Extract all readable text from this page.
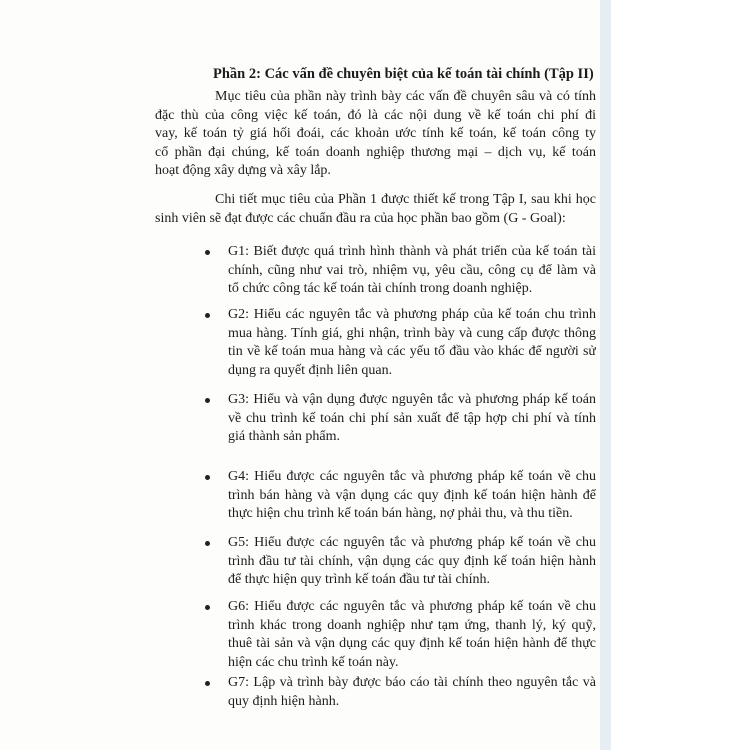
Phần 2: Các vấn đề chuyên biệt của kế toán tài chính (Tập II)
Mục tiêu của phần này trình bày các vấn đề chuyên sâu và có tính
đặc thù của công việc kế toán, đó là các nội dung về kế toán chi phí đi
vay, kế toán tỷ giá hối đoái, các khoản ước tính kế toán, kế toán công ty
cổ phần đại chúng, kế toán doanh nghiệp thương mại – dịch vụ, kế toán
hoạt động xây dựng và xây lắp.
Chi tiết mục tiêu của Phần 1 được thiết kế trong Tập I, sau khi học
sinh viên sẽ đạt được các chuẩn đầu ra của học phần bao gồm (G - Goal):
G1: Biết được quá trình hình thành và phát triển của kế toán tài
chính, cũng như vai trò, nhiệm vụ, yêu cầu, công cụ để làm và
tổ chức công tác kế toán tài chính trong doanh nghiệp.
G2: Hiểu các nguyên tắc và phương pháp của kế toán chu trình
mua hàng. Tính giá, ghi nhận, trình bày và cung cấp được thông
tin về kế toán mua hàng và các yếu tố đầu vào khác để người sử
dụng ra quyết định liên quan.
G3: Hiểu và vận dụng được nguyên tắc và phương pháp kế toán
về chu trình kế toán chi phí sản xuất để tập hợp chi phí và tính
giá thành sản phẩm.
G4: Hiểu được các nguyên tắc và phương pháp kế toán về chu
trình bán hàng và vận dụng các quy định kế toán hiện hành để
thực hiện chu trình kế toán bán hàng, nợ phải thu, và thu tiền.
G5: Hiểu được các nguyên tắc và phương pháp kế toán về chu
trình đầu tư tài chính, vận dụng các quy định kế toán hiện hành
để thực hiện quy trình kế toán đầu tư tài chính.
G6: Hiểu được các nguyên tắc và phương pháp kế toán về chu
trình khác trong doanh nghiệp như tạm ứng, thanh lý, ký quỹ,
thuê tài sản và vận dụng các quy định kế toán hiện hành để thực
hiện các chu trình kế toán này.
G7: Lập và trình bày được báo cáo tài chính theo nguyên tắc và
quy định hiện hành.
